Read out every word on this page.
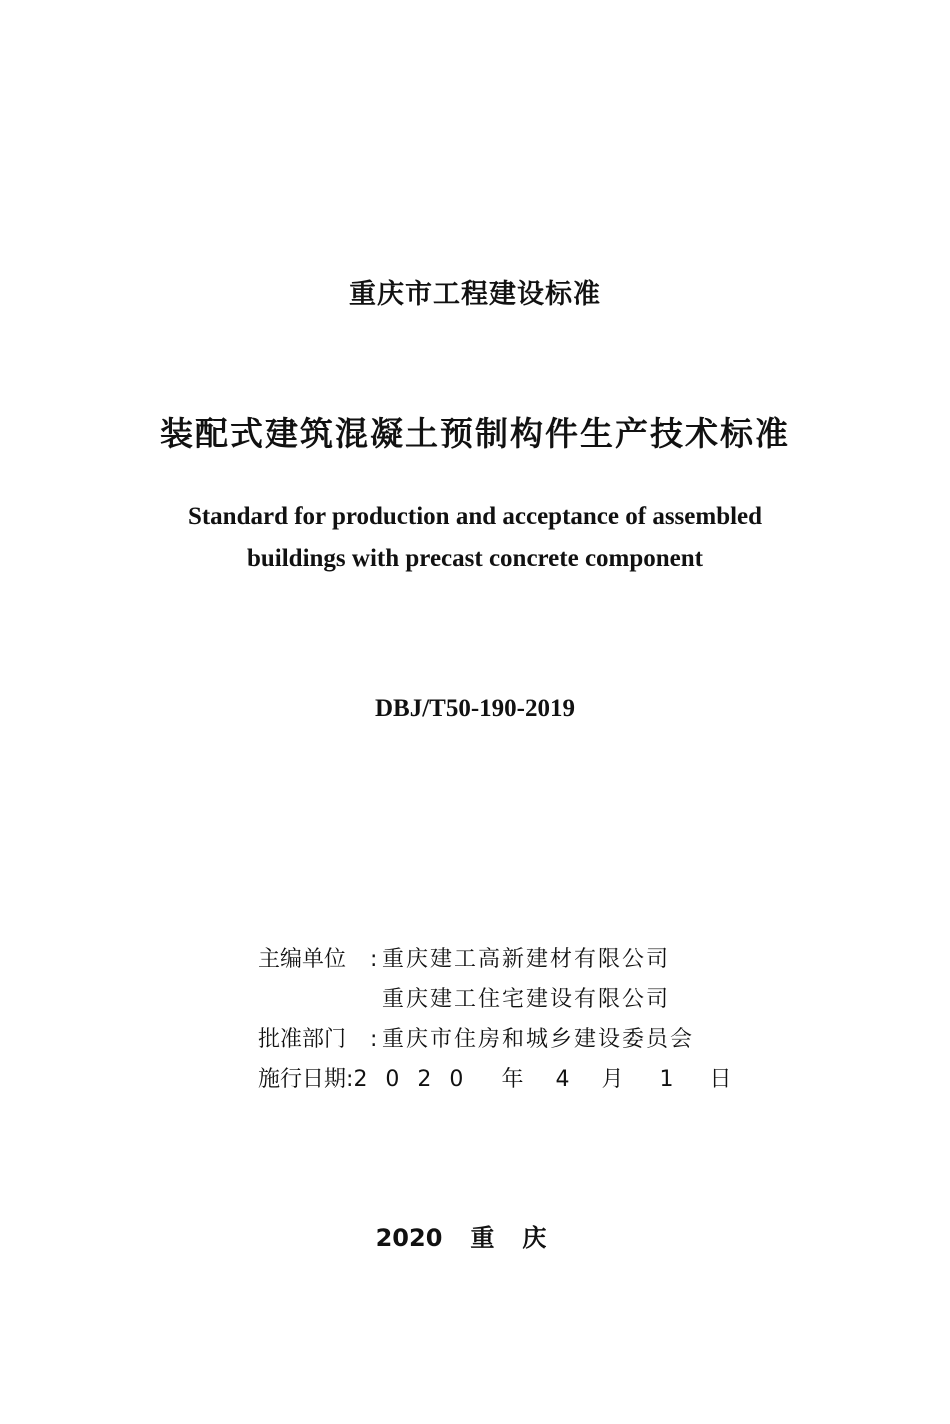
重庆市工程建设标准
装配式建筑混凝土预制构件生产技术标准
Standard for production and acceptance of assembled
buildings with precast concrete component
DBJ/T50-190-2019
主编单位	: 重庆建工高新建材有限公司
重庆建工住宅建设有限公司
批准部门	: 重庆市住房和城乡建设委员会
施行日期 : 2020 年 4 月 1 日
2020 重庆
